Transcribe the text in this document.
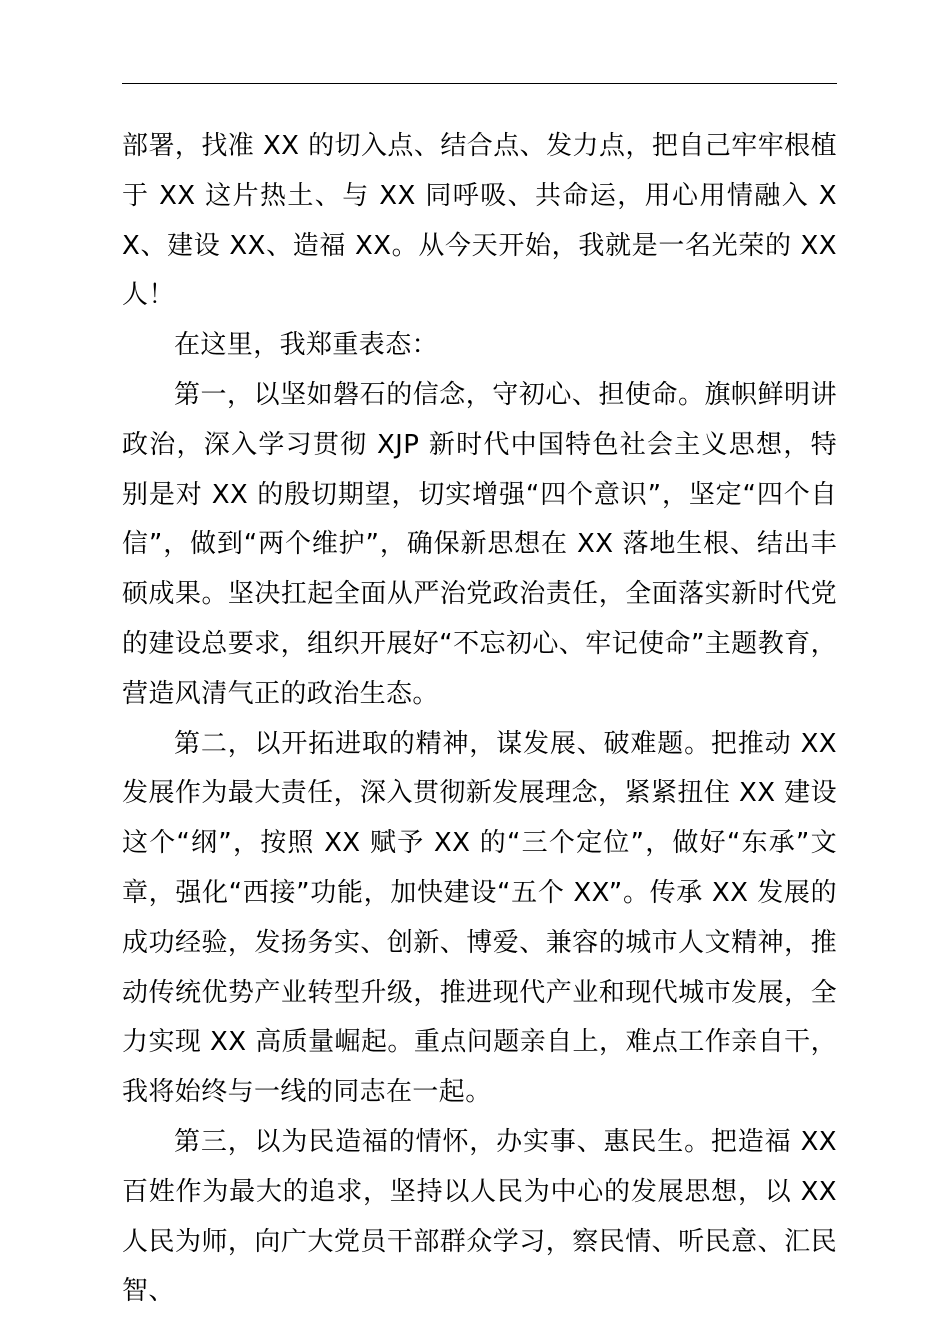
部署，找准 XX 的切入点、结合点、发力点，把自己牢牢根植于 XX 这片热土、与 XX 同呼吸、共命运，用心用情融入 XX、建设 XX、造福 XX。从今天开始，我就是一名光荣的 XX 人！

在这里，我郑重表态：

第一，以坚如磐石的信念，守初心、担使命。旗帜鲜明讲政治，深入学习贯彻 XJP 新时代中国特色社会主义思想，特别是对 XX 的殷切期望，切实增强“四个意识”，坚定“四个自信”，做到“两个维护”，确保新思想在 XX 落地生根、结出丰硕成果。坚决扛起全面从严治党政治责任，全面落实新时代党的建设总要求，组织开展好“不忘初心、牢记使命”主题教育，营造风清气正的政治生态。

第二，以开拓进取的精神，谋发展、破难题。把推动 XX 发展作为最大责任，深入贯彻新发展理念，紧紧扭住 XX 建设这个“纲”，按照 XX 赋予 XX 的“三个定位”，做好“东承”文章，强化“西接”功能，加快建设“五个 XX”。传承 XX 发展的成功经验，发扬务实、创新、博爱、兼容的城市人文精神，推动传统优势产业转型升级，推进现代产业和现代城市发展，全力实现 XX 高质量崛起。重点问题亲自上，难点工作亲自干，我将始终与一线的同志在一起。

第三，以为民造福的情怀，办实事、惠民生。把造福 XX 百姓作为最大的追求，坚持以人民为中心的发展思想，以 XX 人民为师，向广大党员干部群众学习，察民情、听民意、汇民智、
